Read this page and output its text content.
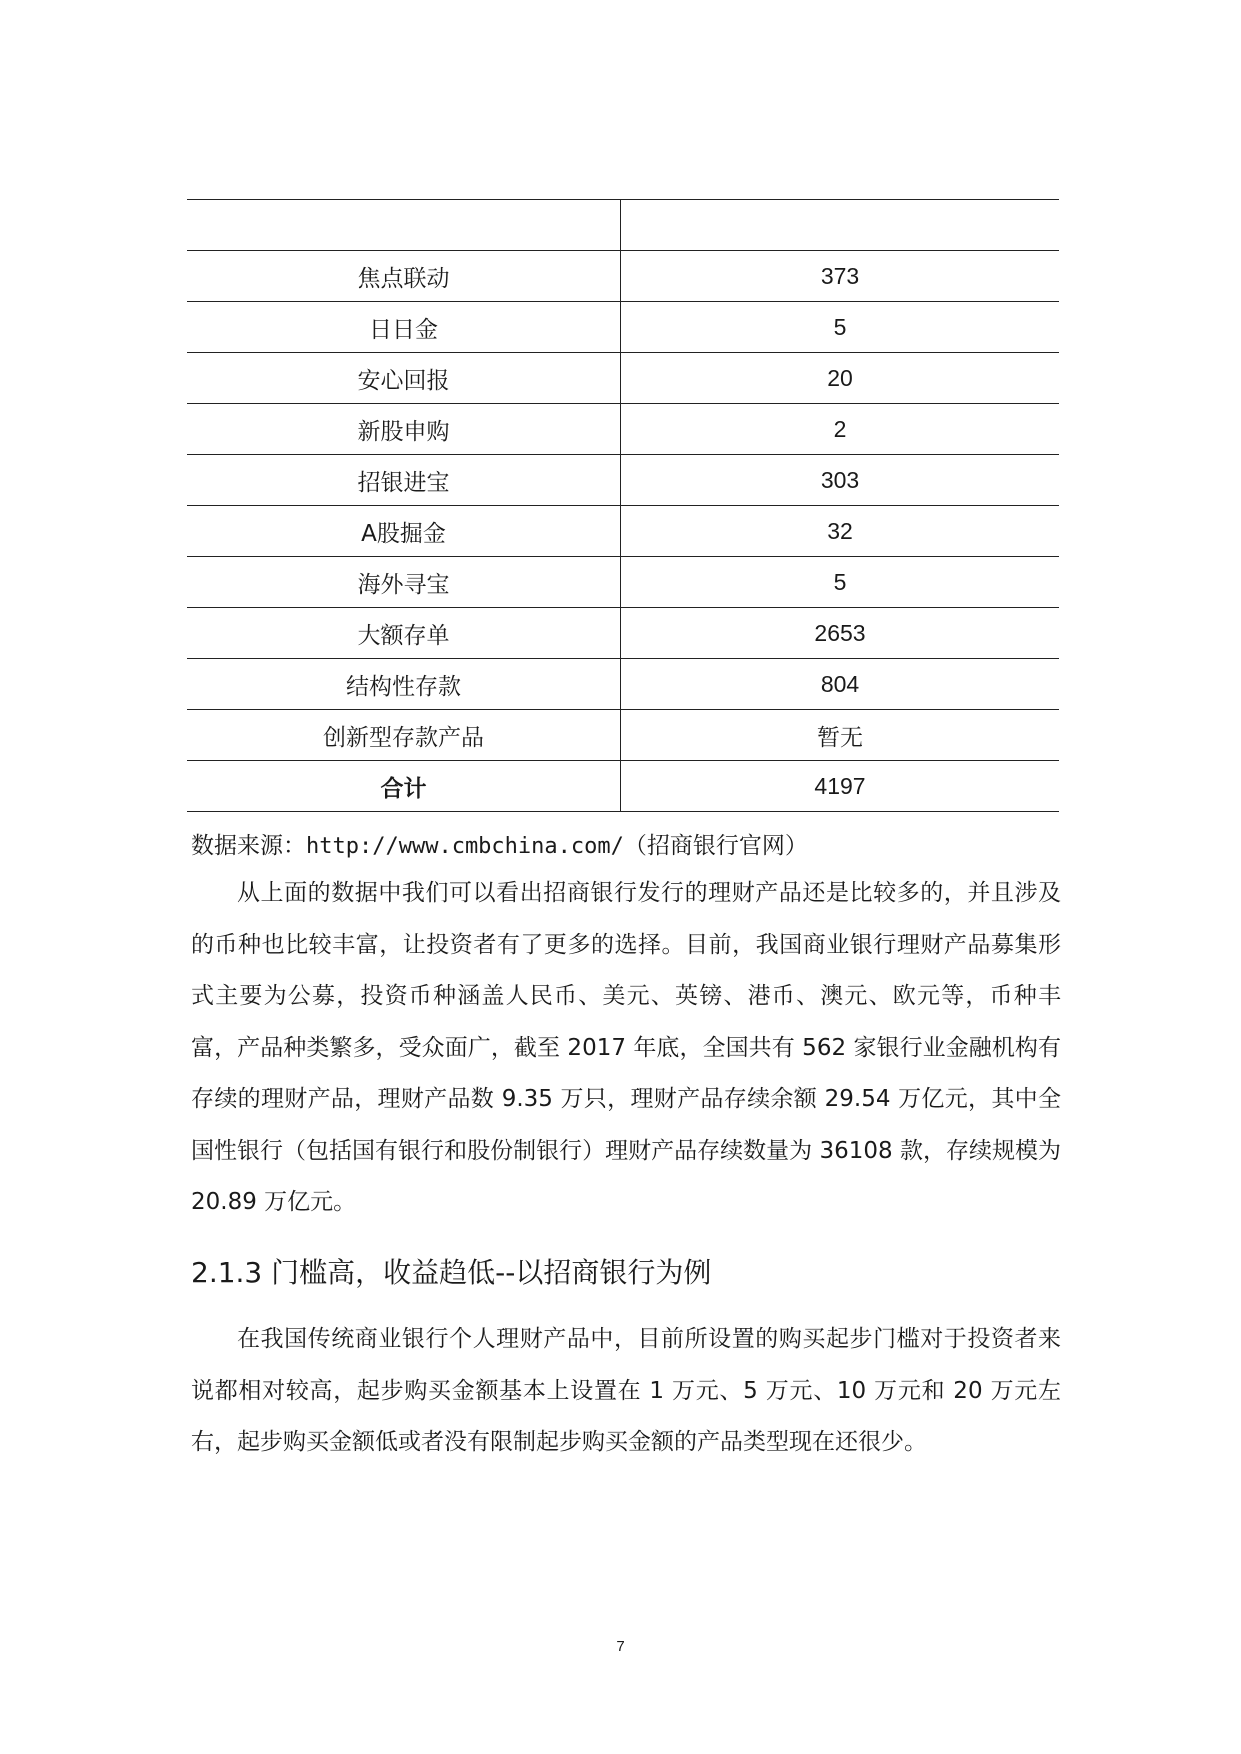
焦点联动	373
日日金	5
安心回报	20
新股申购	2
招银进宝	303
A股掘金	32
海外寻宝	5
大额存单	2653
结构性存款	804
创新型存款产品	暂无
合计	4197
数据来源：http://www.cmbchina.com/（招商银行官网）

从上面的数据中我们可以看出招商银行发行的理财产品还是比较多的，并且涉及的币种也比较丰富，让投资者有了更多的选择。目前，我国商业银行理财产品募集形式主要为公募，投资币种涵盖人民币、美元、英镑、港币、澳元、欧元等，币种丰富，产品种类繁多，受众面广，截至 2017 年底，全国共有 562 家银行业金融机构有存续的理财产品，理财产品数 9.35 万只，理财产品存续余额 29.54 万亿元，其中全国性银行（包括国有银行和股份制银行）理财产品存续数量为 36108 款，存续规模为 20.89 万亿元。

2.1.3 门槛高，收益趋低--以招商银行为例

在我国传统商业银行个人理财产品中，目前所设置的购买起步门槛对于投资者来说都相对较高，起步购买金额基本上设置在 1 万元、5 万元、10 万元和 20 万元左右，起步购买金额低或者没有限制起步购买金额的产品类型现在还很少。

7
